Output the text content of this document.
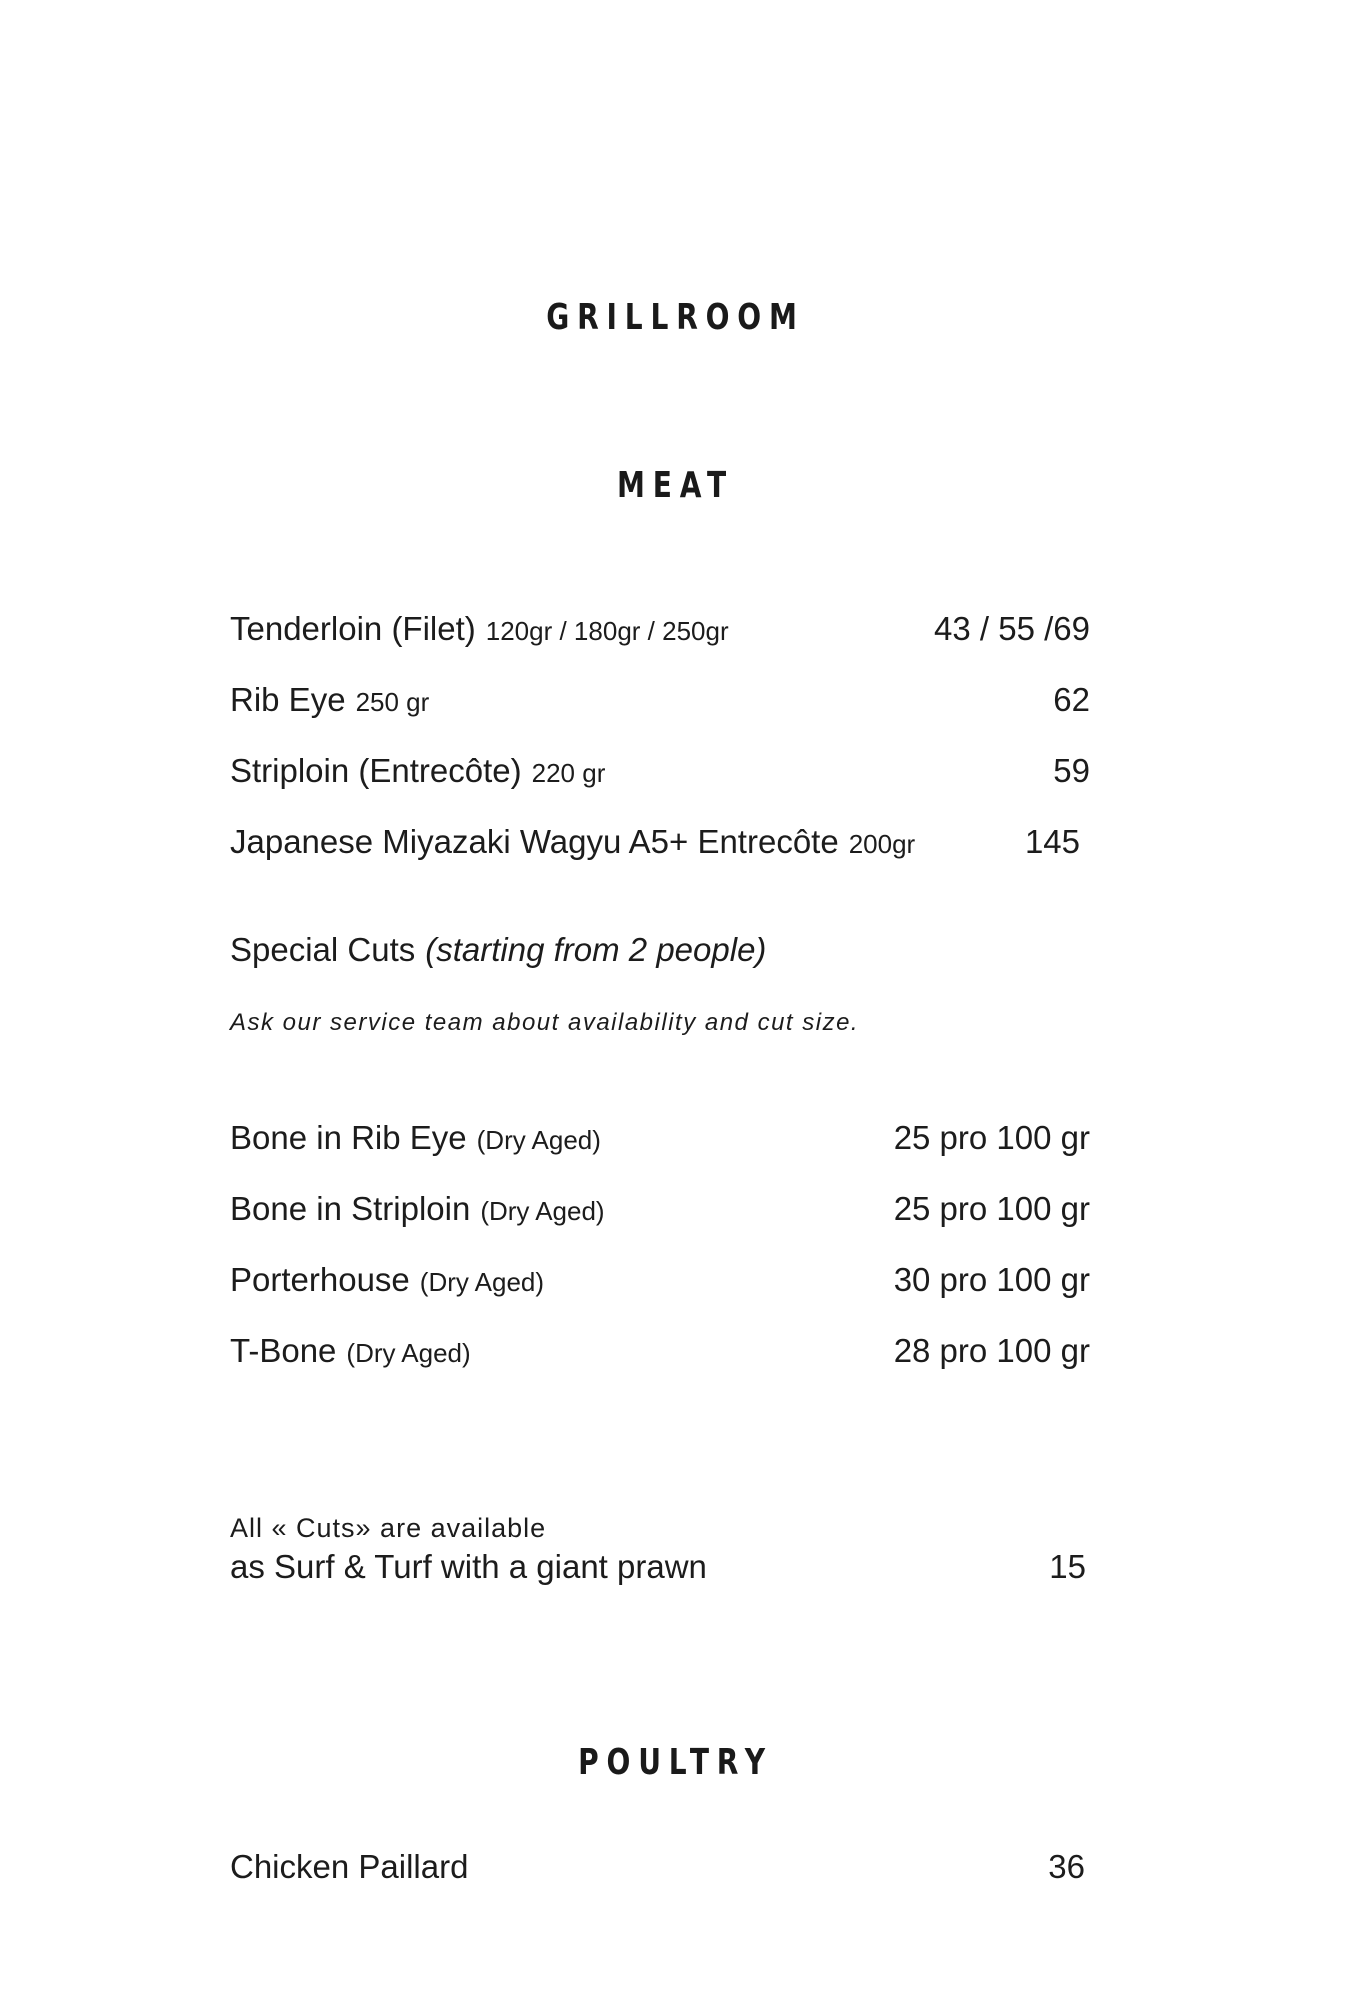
GRILLROOM
MEAT
Tenderloin (Filet) 120gr / 180gr / 250gr	43 / 55 /69
Rib Eye 250 gr	62
Striploin (Entrecôte) 220 gr	59
Japanese Miyazaki Wagyu A5+ Entrecôte 200gr	145
Special Cuts (starting from 2 people)
Ask our service team about availability and cut size.
Bone in Rib Eye (Dry Aged)	25 pro 100 gr
Bone in Striploin (Dry Aged)	25 pro 100 gr
Porterhouse (Dry Aged)	30 pro 100 gr
T-Bone (Dry Aged)	28 pro 100 gr
All « Cuts» are available
as Surf & Turf with a giant prawn	15
POULTRY
Chicken Paillard	36
